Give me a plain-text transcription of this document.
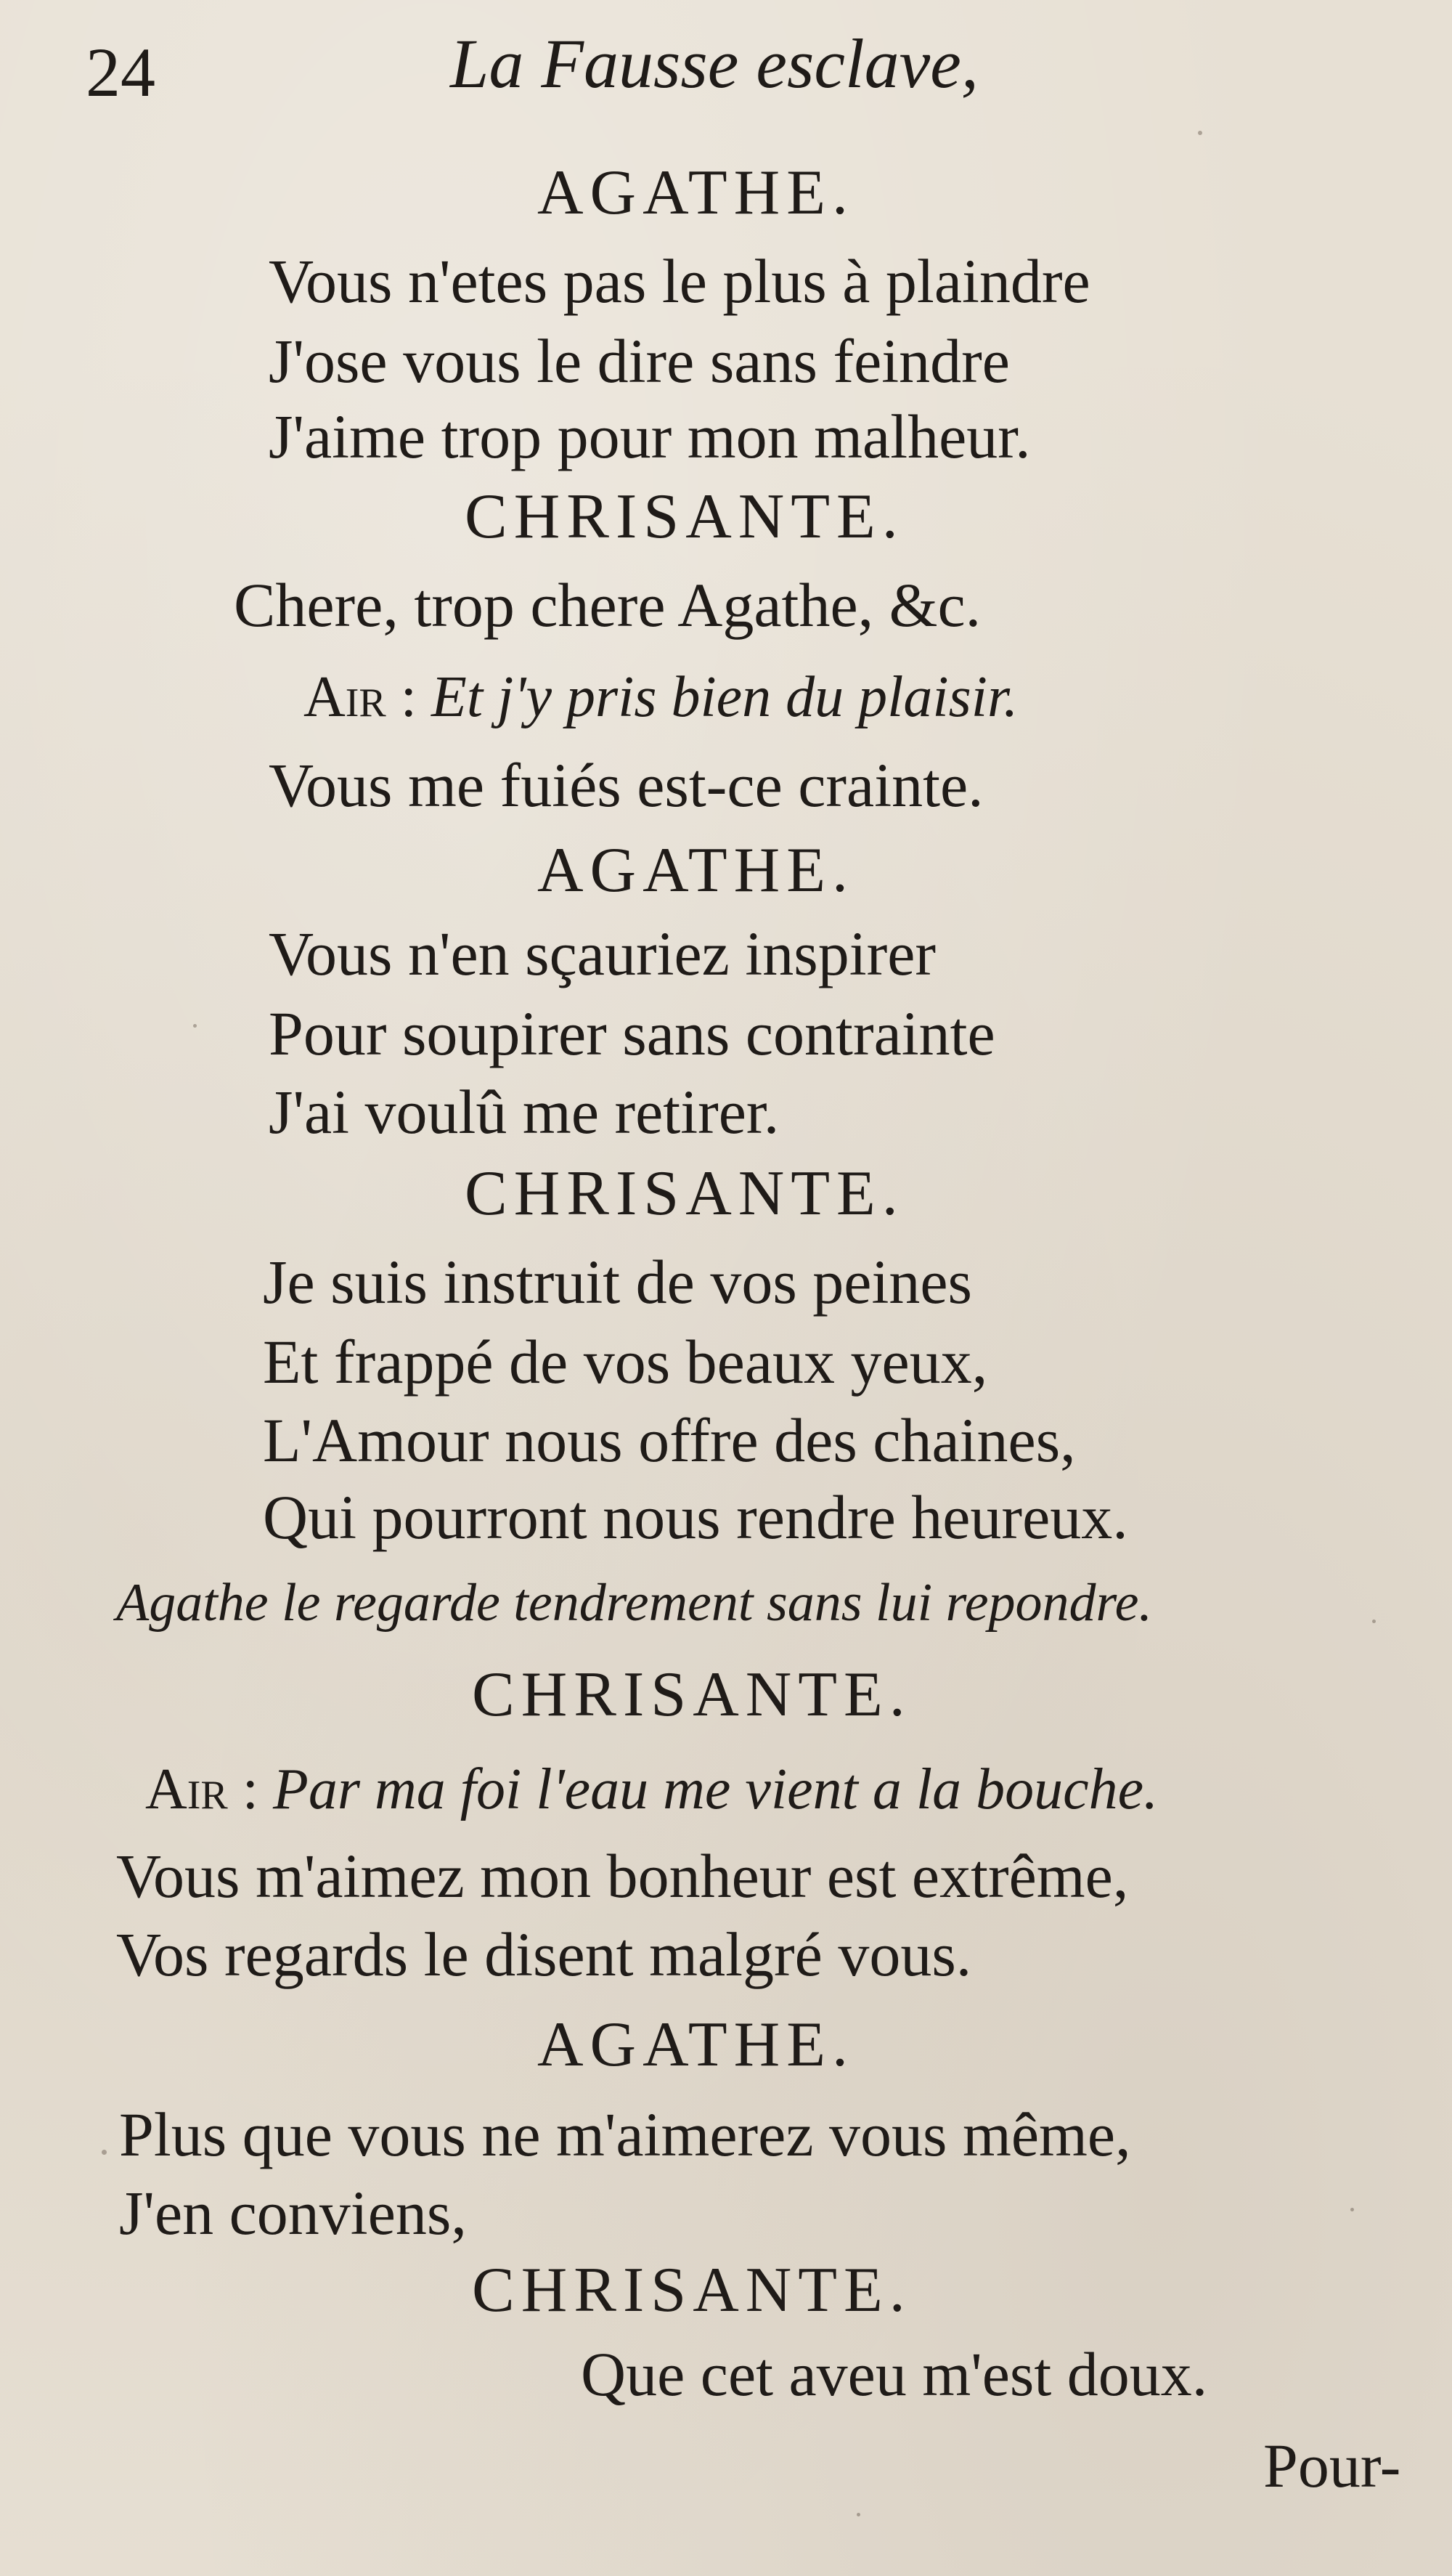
24	La Fausse esclave,
AGATHE.
Vous n'etes pas le plus à plaindre
J'ose vous le dire sans feindre
J'aime trop pour mon malheur.
CHRISANTE.
Chere, trop chere Agathe, &c.
Air : Et j'y pris bien du plaisir.
Vous me fuiés est-ce crainte.
AGATHE.
Vous n'en sçauriez inspirer
Pour soupirer sans contrainte
J'ai voulû me retirer.
CHRISANTE.
Je suis instruit de vos peines
Et frappé de vos beaux yeux,
L'Amour nous offre des chaines,
Qui pourront nous rendre heureux.
Agathe le regarde tendrement sans lui repondre.
CHRISANTE.
Air : Par ma foi l'eau me vient a la bouche.
Vous m'aimez mon bonheur est extrême,
Vos regards le disent malgré vous.
AGATHE.
Plus que vous ne m'aimerez vous même,
J'en conviens,
CHRISANTE.
Que cet aveu m'est doux.
Pour-
